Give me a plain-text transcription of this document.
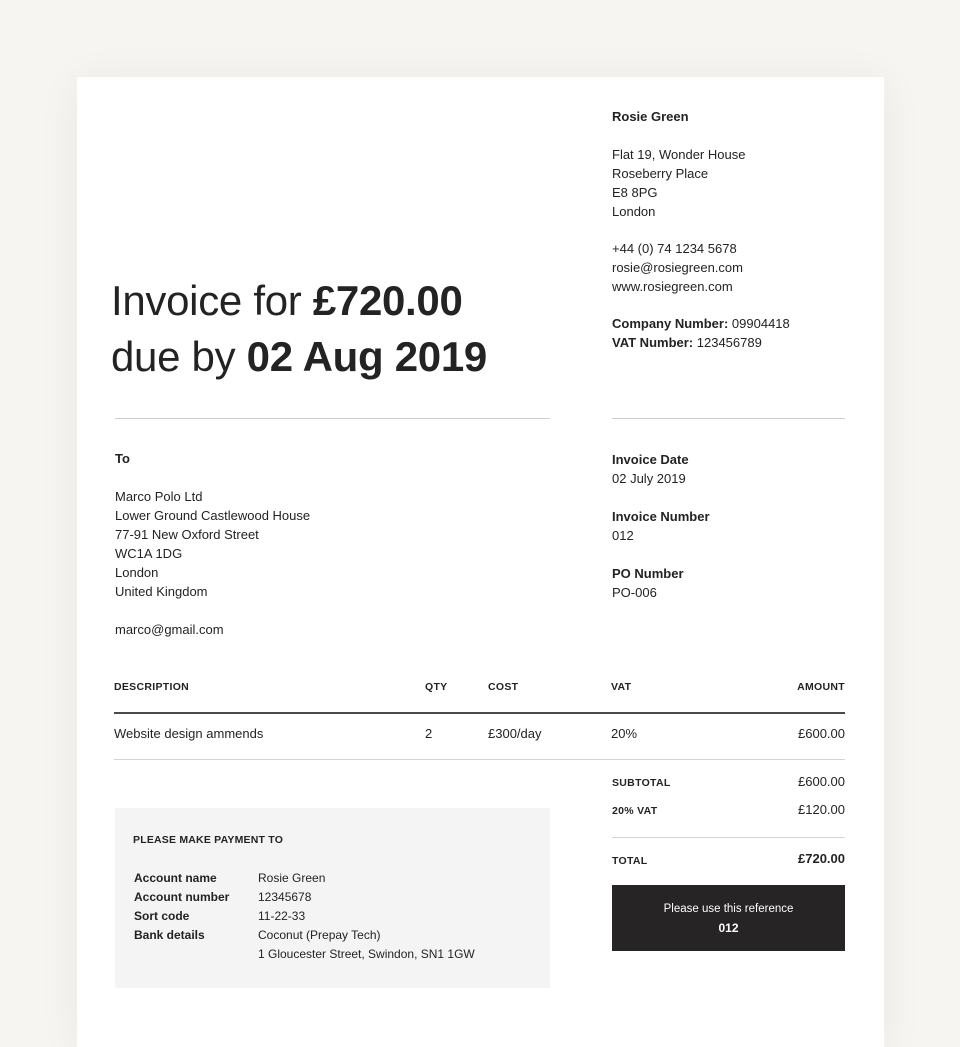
Rosie Green
Flat 19, Wonder House
Roseberry Place
E8 8PG
London
+44 (0) 74 1234 5678
rosie@rosiegreen.com
www.rosiegreen.com
Company Number: 09904418
VAT Number: 123456789
Invoice for £720.00
due by 02 Aug 2019
To
Marco Polo Ltd
Lower Ground Castlewood House
77-91 New Oxford Street
WC1A 1DG
London
United Kingdom
marco@gmail.com
Invoice Date
02 July 2019
Invoice Number
012
PO Number
PO-006
DESCRIPTION	QTY	COST	VAT	AMOUNT
Website design ammends	2	£300/day	20%	£600.00
SUBTOTAL	£600.00
20% VAT	£120.00
TOTAL	£720.00
Please use this reference
012
PLEASE MAKE PAYMENT TO
Account name	Rosie Green
Account number 12345678
Sort code	11-22-33
Bank details	Coconut (Prepay Tech)
1 Gloucester Street, Swindon, SN1 1GW
